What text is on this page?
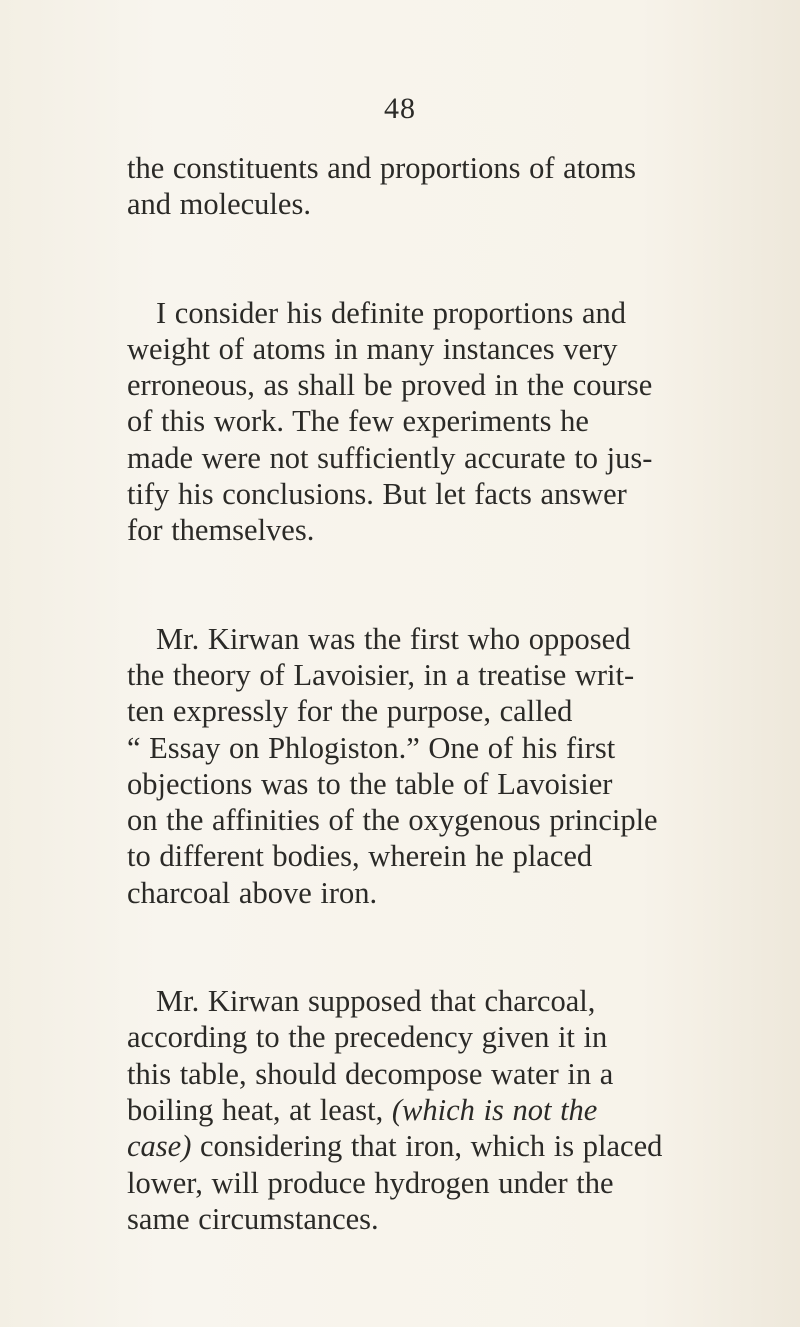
48

the constituents and proportions of atoms
and molecules.

I consider his definite proportions and
weight of atoms in many instances very
erroneous, as shall be proved in the course
of this work. The few experiments he
made were not sufficiently accurate to jus-
tify his conclusions. But let facts answer
for themselves.

Mr. Kirwan was the first who opposed
the theory of Lavoisier, in a treatise writ-
ten expressly for the purpose, called
“ Essay on Phlogiston.” One of his first
objections was to the table of Lavoisier
on the affinities of the oxygenous principle
to different bodies, wherein he placed
charcoal above iron.

Mr. Kirwan supposed that charcoal,
according to the precedency given it in
this table, should decompose water in a
boiling heat, at least, (which is not the
case) considering that iron, which is placed
lower, will produce hydrogen under the
same circumstances.
